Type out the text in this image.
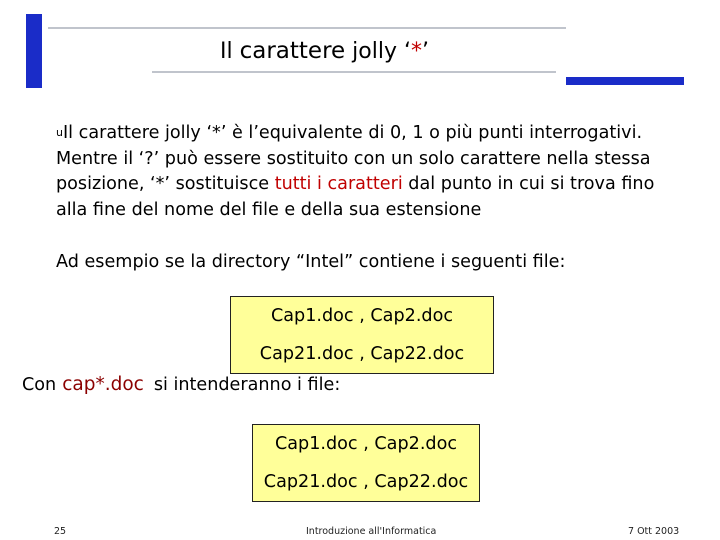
Il carattere jolly ‘*’
uIl carattere jolly ‘*’ è l’equivalente di 0, 1 o più punti interrogativi. Mentre il ‘?’ può essere sostituito con un solo carattere nella stessa posizione, ‘*’ sostituisce tutti i caratteri dal punto in cui si trova fino alla fine del nome del file e della sua estensione
Ad esempio se la directory “Intel” contiene i seguenti file:
Cap1.doc , Cap2.doc
Cap21.doc , Cap22.doc
Con cap*.doc si intenderanno i file:
Cap1.doc , Cap2.doc
Cap21.doc , Cap22.doc
25	Introduzione all'Informatica	7 Ott 2003
